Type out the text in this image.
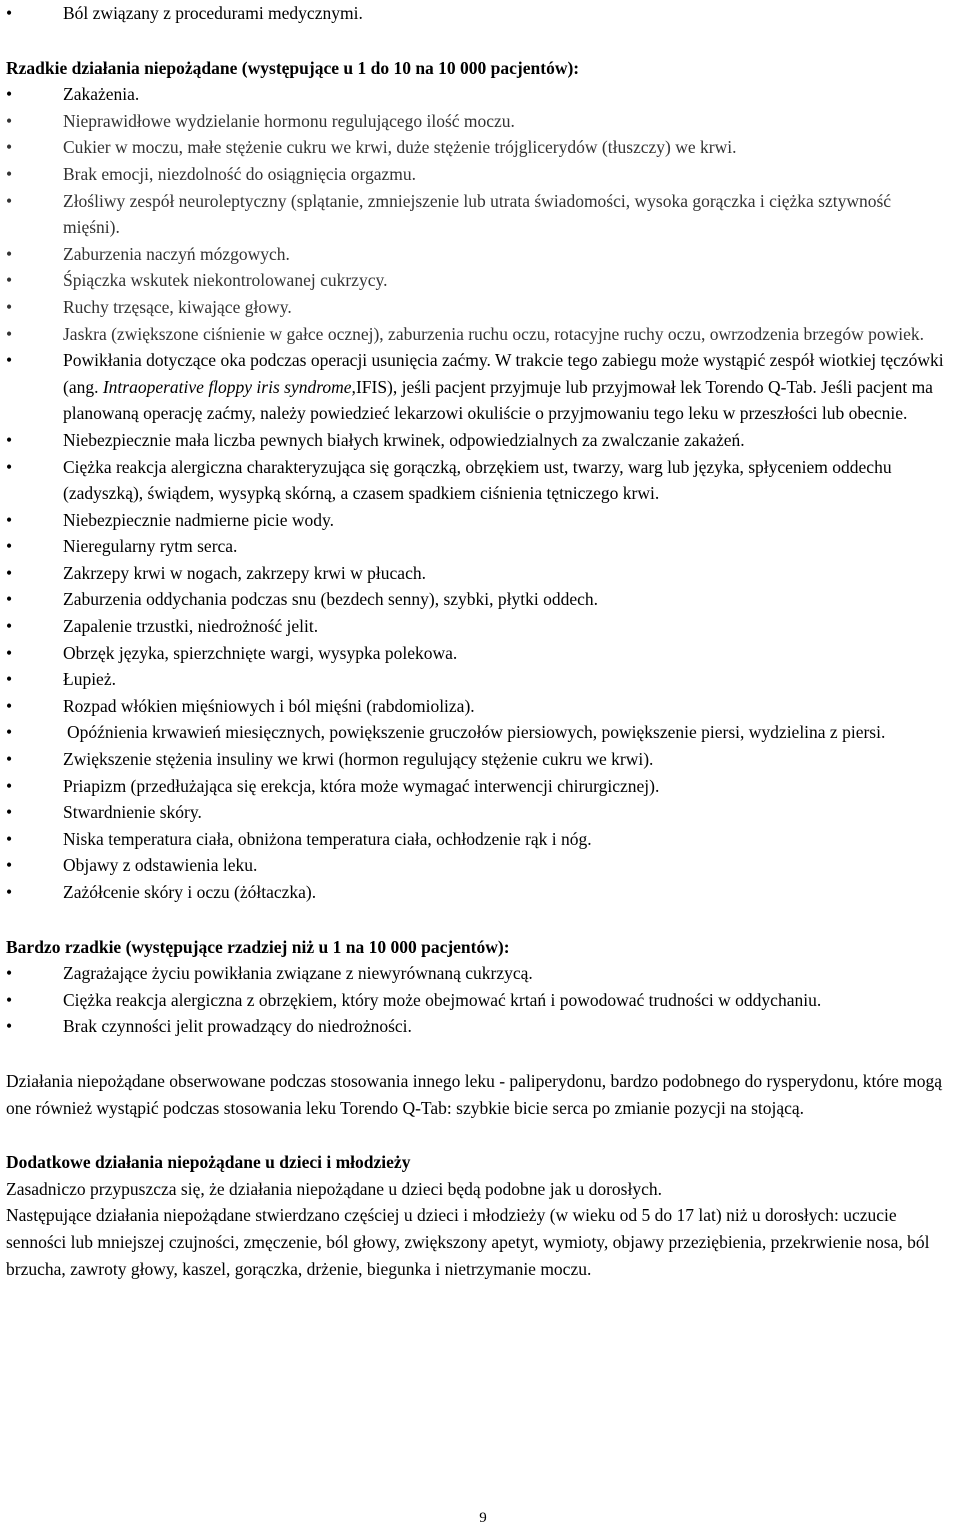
• Ból związany z procedurami medycznymi.
Rzadkie działania niepożądane (występujące u 1 do 10 na 10 000 pacjentów):
• Zakażenia.
• Nieprawidłowe wydzielanie hormonu regulującego ilość moczu.
• Cukier w moczu, małe stężenie cukru we krwi, duże stężenie trójglicerydów (tłuszczy) we krwi.
• Brak emocji, niezdolność do osiągnięcia orgazmu.
• Złośliwy zespół neuroleptyczny (splątanie, zmniejszenie lub utrata świadomości, wysoka gorączka i ciężka sztywność mięśni).
• Zaburzenia naczyń mózgowych.
• Śpiączka wskutek niekontrolowanej cukrzycy.
• Ruchy trzęsące, kiwające głowy.
• Jaskra (zwiększone ciśnienie w gałce ocznej), zaburzenia ruchu oczu, rotacyjne ruchy oczu, owrzodzenia brzegów powiek.
• Powikłania dotyczące oka podczas operacji usunięcia zaćmy. W trakcie tego zabiegu może wystąpić zespół wiotkiej tęczówki (ang. Intraoperative floppy iris syndrome,IFIS), jeśli pacjent przyjmuje lub przyjmował lek Torendo Q-Tab. Jeśli pacjent ma planowaną operację zaćmy, należy powiedzieć lekarzowi okuliście o przyjmowaniu tego leku w przeszłości lub obecnie.
• Niebezpiecznie mała liczba pewnych białych krwinek, odpowiedzialnych za zwalczanie zakażeń.
• Ciężka reakcja alergiczna charakteryzująca się gorączką, obrzękiem ust, twarzy, warg lub języka, spłyceniem oddechu (zadyszką), świądem, wysypką skórną, a czasem spadkiem ciśnienia tętniczego krwi.
• Niebezpiecznie nadmierne picie wody.
• Nieregularny rytm serca.
• Zakrzepy krwi w nogach, zakrzepy krwi w płucach.
• Zaburzenia oddychania podczas snu (bezdech senny), szybki, płytki oddech.
• Zapalenie trzustki, niedrożność jelit.
• Obrzęk języka, spierzchnięte wargi, wysypka polekowa.
• Łupież.
• Rozpad włókien mięśniowych i ból mięśni (rabdomioliza).
• Opóźnienia krwawień miesięcznych, powiększenie gruczołów piersiowych, powiększenie piersi, wydzielina z piersi.
• Zwiększenie stężenia insuliny we krwi (hormon regulujący stężenie cukru we krwi).
• Priapizm (przedłużająca się erekcja, która może wymagać interwencji chirurgicznej).
• Stwardnienie skóry.
• Niska temperatura ciała, obniżona temperatura ciała, ochłodzenie rąk i nóg.
• Objawy z odstawienia leku.
• Zażółcenie skóry i oczu (żółtaczka).
Bardzo rzadkie (występujące rzadziej niż u 1 na 10 000 pacjentów):
• Zagrażające życiu powikłania związane z niewyrównaną cukrzycą.
• Ciężka reakcja alergiczna z obrzękiem, który może obejmować krtań i powodować trudności w oddychaniu.
• Brak czynności jelit prowadzący do niedrożności.
Działania niepożądane obserwowane podczas stosowania innego leku - paliperydonu, bardzo podobnego do rysperydonu, które mogą one również wystąpić podczas stosowania leku Torendo Q-Tab: szybkie bicie serca po zmianie pozycji na stojącą.
Dodatkowe działania niepożądane u dzieci i młodzieży
Zasadniczo przypuszcza się, że działania niepożądane u dzieci będą podobne jak u dorosłych.
Następujące działania niepożądane stwierdzano częściej u dzieci i młodzieży (w wieku od 5 do 17 lat) niż u dorosłych: uczucie senności lub mniejszej czujności, zmęczenie, ból głowy, zwiększony apetyt, wymioty, objawy przeziębienia, przekrwienie nosa, ból brzucha, zawroty głowy, kaszel, gorączka, drżenie, biegunka i nietrzymanie moczu.
9
